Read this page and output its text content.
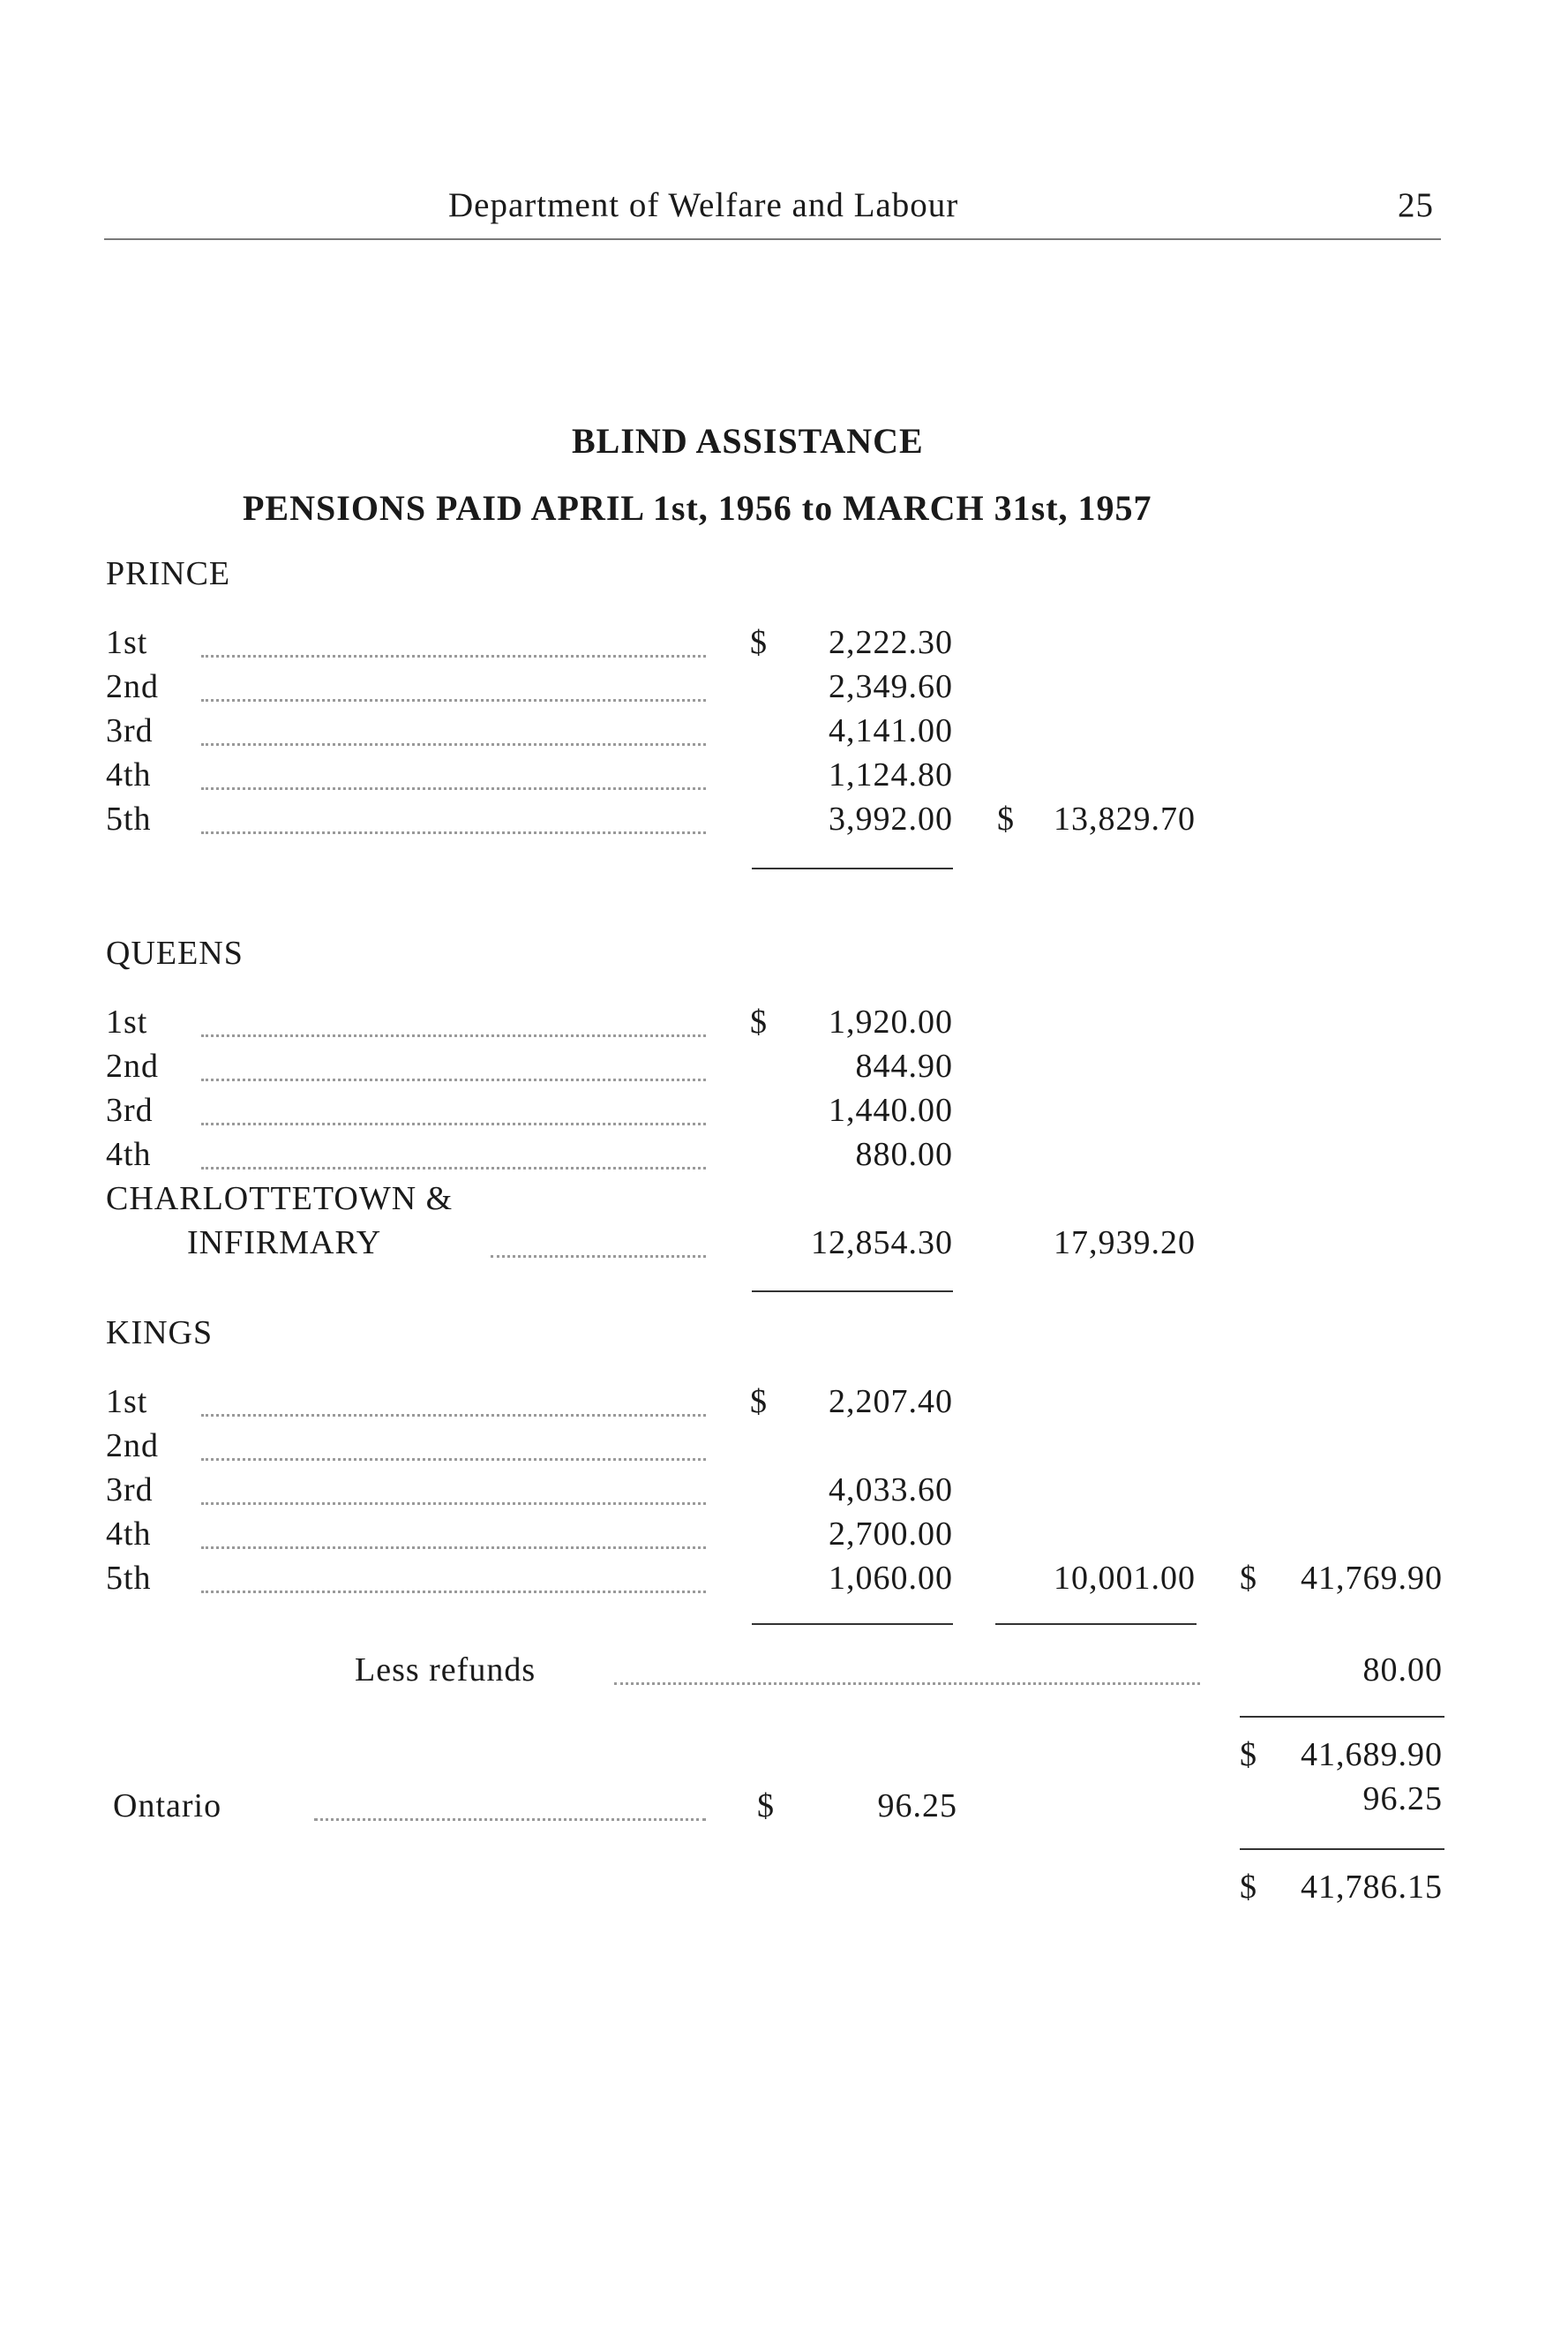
Department of Welfare and Labour	25
BLIND ASSISTANCE
PENSIONS PAID APRIL 1st, 1956 to MARCH 31st, 1957
PRINCE
1st	$	2,222.30
2nd	2,349.60
3rd	4,141.00
4th	1,124.80
5th	3,992.00 $	13,829.70
QUEENS
1st	$	1,920.00
2nd	844.90
3rd	1,440.00
4th	880.00
CHARLOTTETOWN &
INFIRMARY	12,854.30	17,939.20
KINGS
1st	$	2,207.40
2nd
3rd	4,033.60
4th	2,700.00
5th	1,060.00	10,001.00 $	41,769.90
Less refunds	80.00
$	41,689.90
Ontario	$	96.25	96.25
$	41,786.15
